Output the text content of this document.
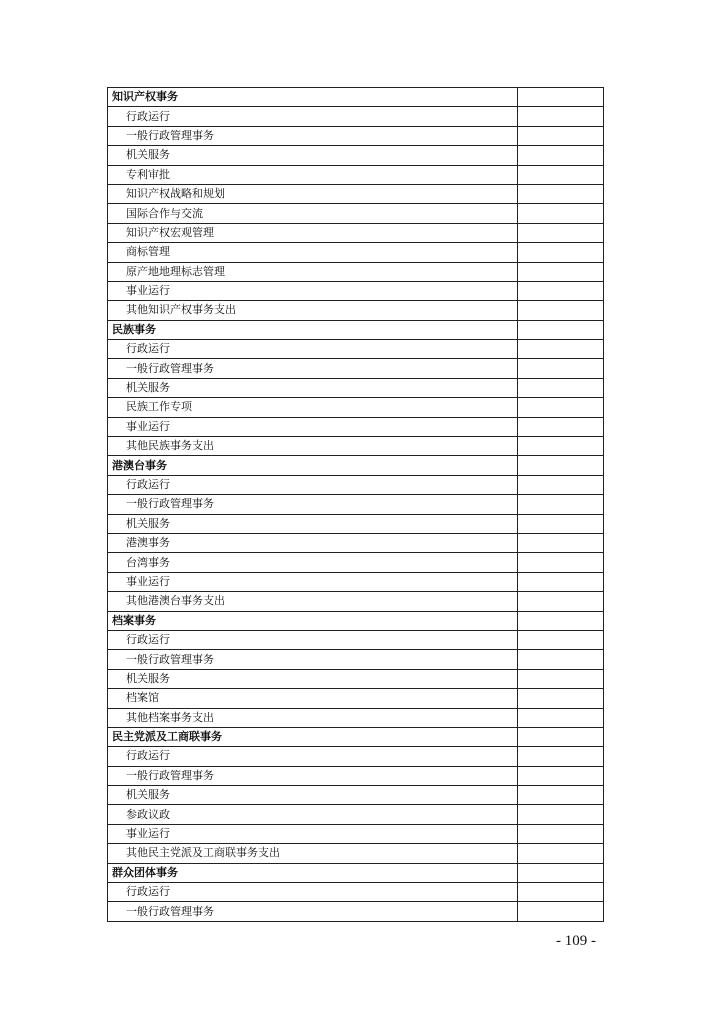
知识产权事务	
行政运行	
一般行政管理事务	
机关服务	
专利审批	
知识产权战略和规划	
国际合作与交流	
知识产权宏观管理	
商标管理	
原产地地理标志管理	
事业运行	
其他知识产权事务支出	
民族事务	
行政运行	
一般行政管理事务	
机关服务	
民族工作专项	
事业运行	
其他民族事务支出	
港澳台事务	
行政运行	
一般行政管理事务	
机关服务	
港澳事务	
台湾事务	
事业运行	
其他港澳台事务支出	
档案事务	
行政运行	
一般行政管理事务	
机关服务	
档案馆	
其他档案事务支出	
民主党派及工商联事务	
行政运行	
一般行政管理事务	
机关服务	
参政议政	
事业运行	
其他民主党派及工商联事务支出	
群众团体事务	
行政运行	
一般行政管理事务	
- 109 -
